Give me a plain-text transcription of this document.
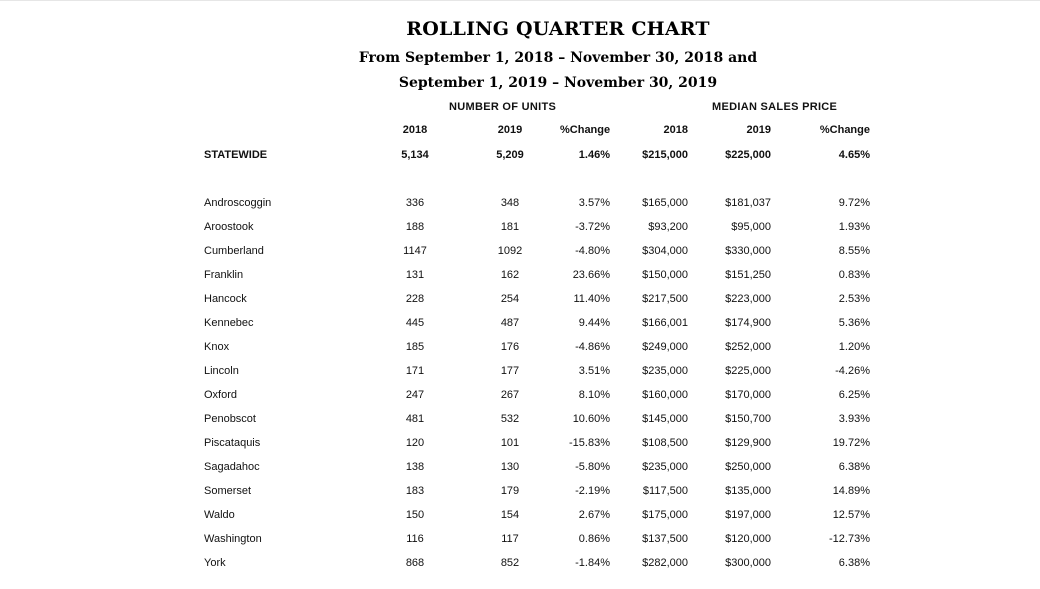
ROLLING QUARTER CHART
From September 1, 2018 – November 30, 2018 and
September 1, 2019 – November 30, 2019
NUMBER OF UNITS	MEDIAN SALES PRICE
2018	2019	%Change	2018	2019	%Change
STATEWIDE	5,134	5,209	1.46%	$215,000	$225,000	4.65%
Androscoggin	336	348	3.57%	$165,000	$181,037	9.72%
Aroostook	188	181	-3.72%	$93,200	$95,000	1.93%
Cumberland	1147	1092	-4.80%	$304,000	$330,000	8.55%
Franklin	131	162	23.66%	$150,000	$151,250	0.83%
Hancock	228	254	11.40%	$217,500	$223,000	2.53%
Kennebec	445	487	9.44%	$166,001	$174,900	5.36%
Knox	185	176	-4.86%	$249,000	$252,000	1.20%
Lincoln	171	177	3.51%	$235,000	$225,000	-4.26%
Oxford	247	267	8.10%	$160,000	$170,000	6.25%
Penobscot	481	532	10.60%	$145,000	$150,700	3.93%
Piscataquis	120	101	-15.83%	$108,500	$129,900	19.72%
Sagadahoc	138	130	-5.80%	$235,000	$250,000	6.38%
Somerset	183	179	-2.19%	$117,500	$135,000	14.89%
Waldo	150	154	2.67%	$175,000	$197,000	12.57%
Washington	116	117	0.86%	$137,500	$120,000	-12.73%
York	868	852	-1.84%	$282,000	$300,000	6.38%
